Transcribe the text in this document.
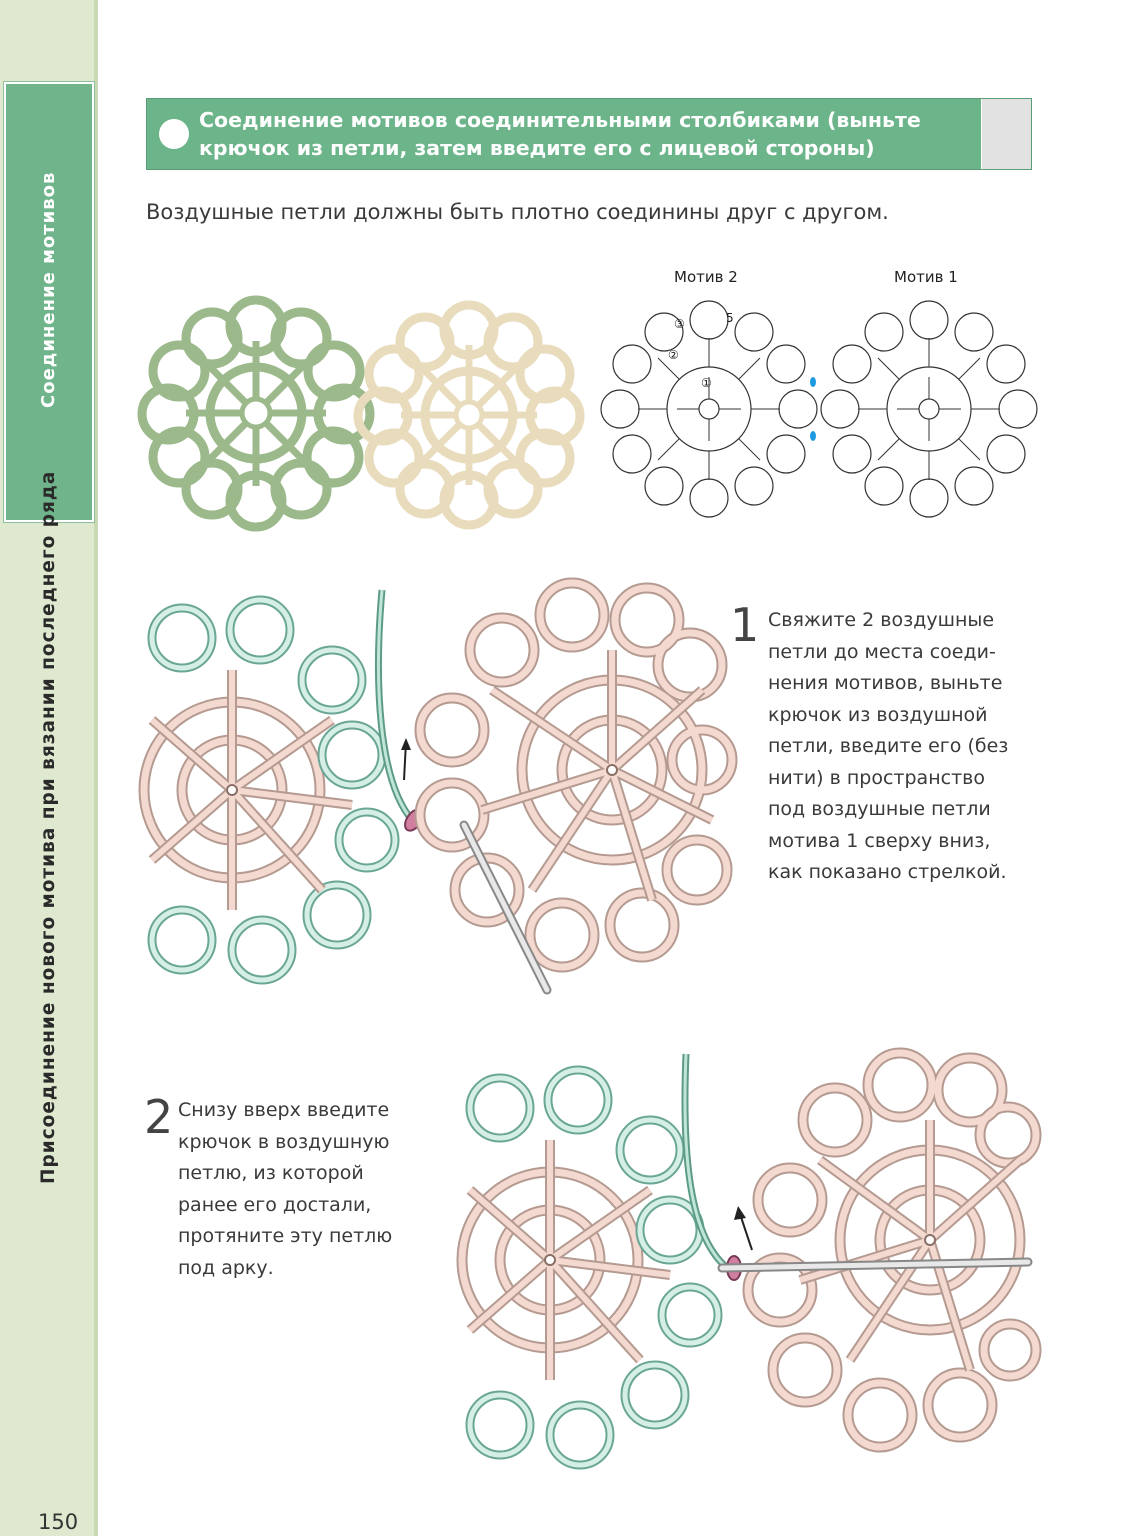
Соединение мотивов
Присоединение нового мотива при вязании последнего ряда
150
Соединение мотивов соединительными столбиками (выньте крючок из петли, затем введите его с лицевой стороны)
Воздушные петли должны быть плотно соединины друг с другом.
Мотив 2	Мотив 1
①
②
③	5
1 Свяжите 2 воздушные
петли до места соеди-
нения мотивов, выньте
крючок из воздушной
петли, введите его (без
нити) в пространство
под воздушные петли
мотива 1 сверху вниз,
как показано стрелкой.
2 Снизу вверх введите
крючок в воздушную
петлю, из которой
ранее его достали,
протяните эту петлю
под арку.
